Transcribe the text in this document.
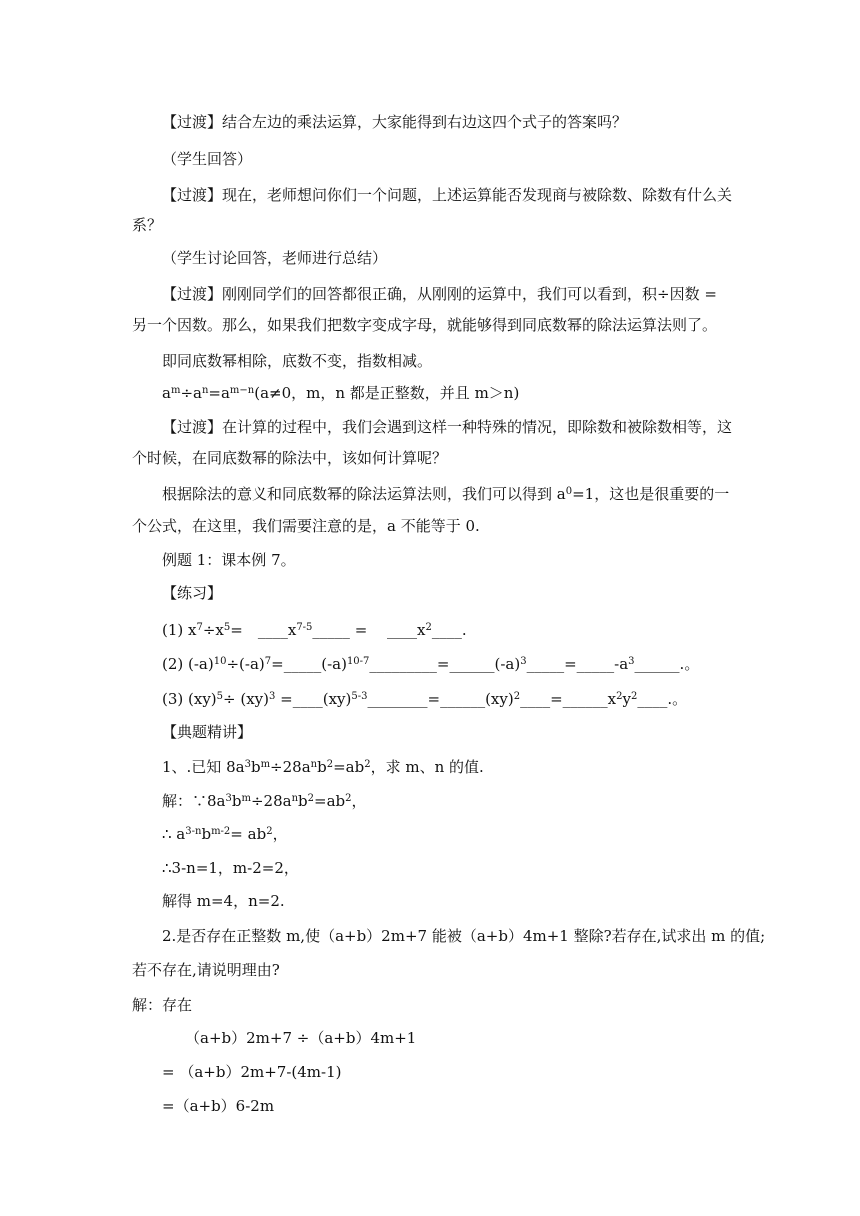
【过渡】结合左边的乘法运算，大家能得到右边这四个式子的答案吗？
（学生回答）
【过渡】现在，老师想问你们一个问题，上述运算能否发现商与被除数、除数有什么关
系？
（学生讨论回答，老师进行总结）
【过渡】刚刚同学们的回答都很正确，从刚刚的运算中，我们可以看到，积÷因数 =
另一个因数。那么，如果我们把数字变成字母，就能够得到同底数幂的除法运算法则了。
即同底数幂相除，底数不变，指数相减。
$a^m\div a^n=a^{m-n}(a\ne 0$，m，n 都是正整数，并且 m＞n)
【过渡】在计算的过程中，我们会遇到这样一种特殊的情况，即除数和被除数相等，这
个时候，在同底数幂的除法中，该如何计算呢？
根据除法的意义和同底数幂的除法运算法则，我们可以得到 $a^0=1$，这也是很重要的一
个公式，在这里，我们需要注意的是，a 不能等于 0.
例题 1：课本例 7。
【练习】
(1) $x^7\div x^5=$　$\_\_\_\_x^{7-5}\_\_\_\_\_$ =　 $\_\_\_\_x^2\_\_\_\_$.
(2) $(-a)^{10}\div(-a)^7=\_\_\_\_\_(-a)^{10-7}\_\_\_\_\_\_\_\_\_=\_\_\_\_\_\_(-a)^3\_\_\_\_\_=\_\_\_\_\_-a^3\_\_\_\_\_\_$.。
(3) $(xy)^5\div (xy)^3 =\_\_\_\_(xy)^{5-3}\_\_\_\_\_\_\_\_=\_\_\_\_\_\_(xy)^2\_\_\_\_=\_\_\_\_\_\_x^2y^2\_\_\_\_$.。
【典题精讲】
1、.已知 $8a^3b^m\div 28a^nb^2=ab^2$，求 m、n 的值.
解：$\because 8a^3b^m\div 28a^nb^2=ab^2$，
∴ $a^{3-n}b^{m-2}= ab^2$，
∴3-n=1，m-2=2，
解得 m=4，n=2.
2.是否存在正整数 m,使（a+b）2m+7 能被（a+b）4m+1 整除?若存在,试求出 m 的值;
若不存在,请说明理由?
解：存在
（a+b）2m+7 ÷（a+b）4m+1
= （a+b）2m+7-(4m-1)
=（a+b）6-2m
